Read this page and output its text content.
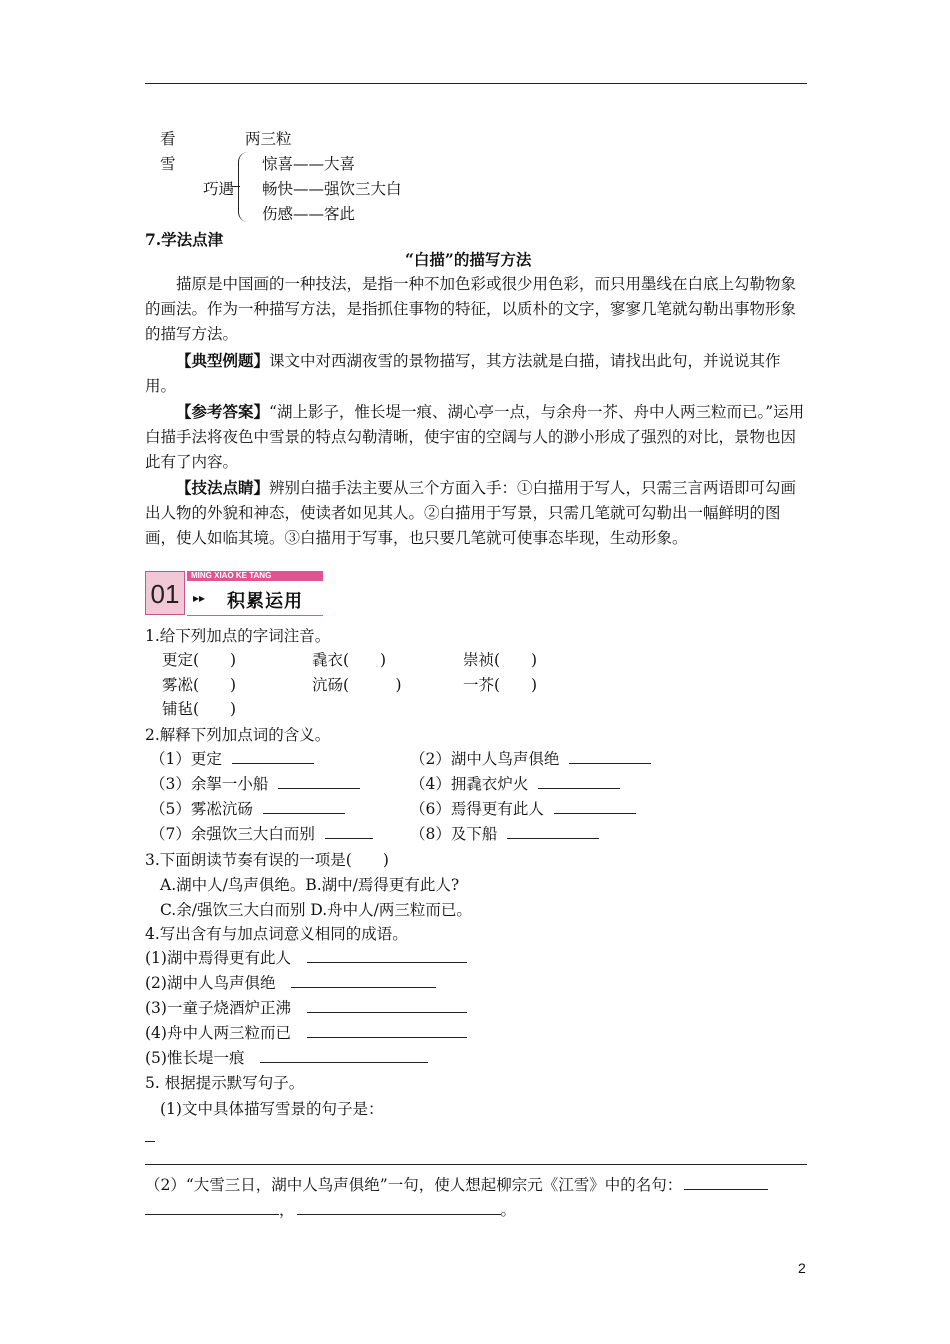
看	两三粒
雪
巧遇
惊喜——大喜
畅快——强饮三大白
伤感——客此
7.学法点津
“白描”的描写方法
描原是中国画的一种技法，是指一种不加色彩或很少用色彩，而只用墨线在白底上勾勒物象的画法。作为一种描写方法，是指抓住事物的特征，以质朴的文字，寥寥几笔就勾勒出事物形象的描写方法。
【典型例题】课文中对西湖夜雪的景物描写，其方法就是白描，请找出此句，并说说其作用。
【参考答案】“湖上影子，惟长堤一痕、湖心亭一点，与余舟一芥、舟中人两三粒而已。”运用白描手法将夜色中雪景的特点勾勒清晰，使宇宙的空阔与人的渺小形成了强烈的对比，景物也因此有了内容。
【技法点睛】辨别白描手法主要从三个方面入手：①白描用于写人，只需三言两语即可勾画出人物的外貌和神态，使读者如见其人。②白描用于写景，只需几笔就可勾勒出一幅鲜明的图画，使人如临其境。③白描用于写事，也只要几笔就可使事态毕现，生动形象。
01
MING XIAO KE TANG
▸▸ 积累运用
1.给下列加点的字词注音。
更定(　　)	毳衣(　　)	崇祯(　　)
雾凇(　　)	沆砀(　　　)	一芥(　　)
铺毡(　　)
2.解释下列加点词的含义。
（1）更定	（2）湖中人鸟声俱绝
（3）余挐一小船	（4）拥毳衣炉火
（5）雾凇沆砀	（6）焉得更有此人
（7）余强饮三大白而别	（8）及下船
3.下面朗读节奏有误的一项是(　　)
A.湖中人/鸟声俱绝。B.湖中/焉得更有此人?
C.余/强饮三大白而别 D.舟中人/两三粒而已。
4.写出含有与加点词意义相同的成语。
(1)湖中焉得更有此人
(2)湖中人鸟声俱绝
(3)一童子烧酒炉正沸
(4)舟中人两三粒而已
(5)惟长堤一痕
5. 根据提示默写句子。
(1)文中具体描写雪景的句子是：
（2）“大雪三日，湖中人鸟声俱绝”一句，使人想起柳宗元《江雪》中的名句：
，	。
2
